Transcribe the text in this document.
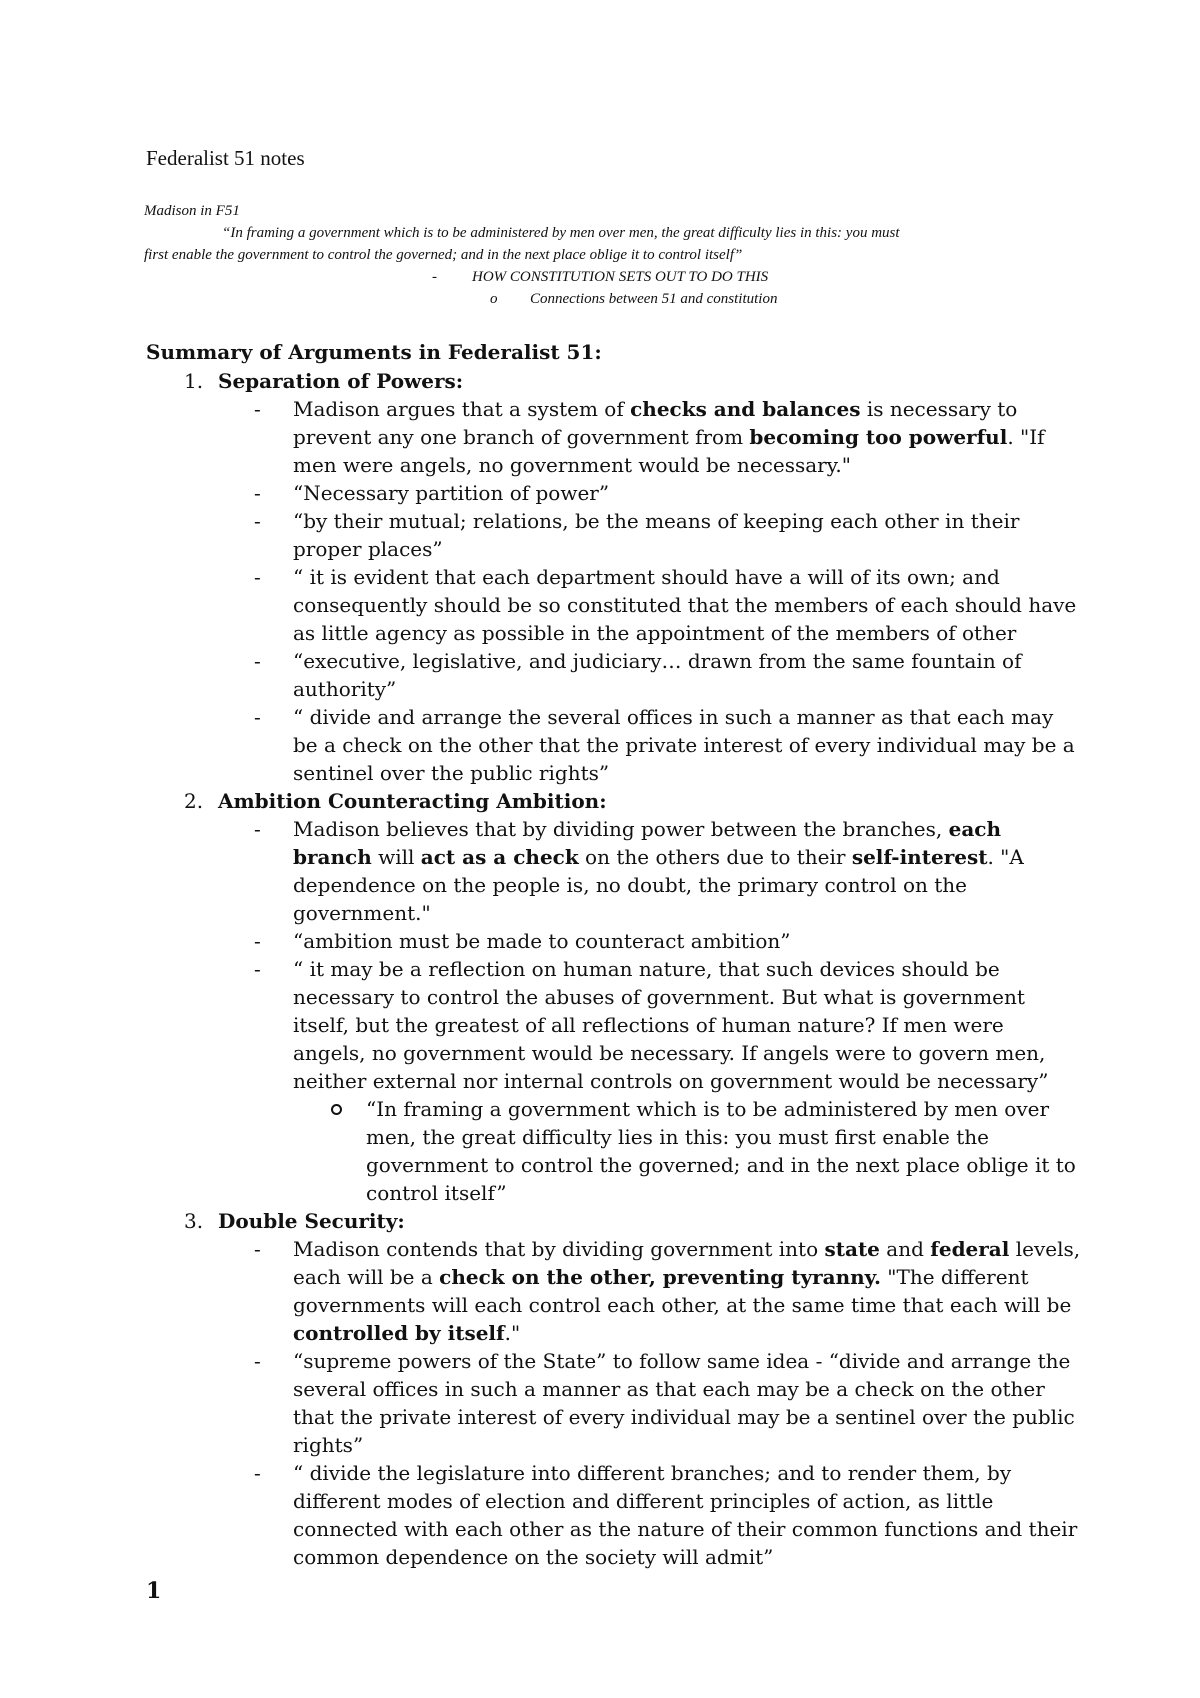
Federalist 51 notes

Madison in F51

“In framing a government which is to be administered by men over men, the great difficulty lies in this: you must

first enable the government to control the governed; and in the next place oblige it to control itself”

- HOW CONSTITUTION SETS OUT TO DO THIS

o Connections between 51 and constitution

Summary of Arguments in Federalist 51:
1. Separation of Powers:
- Madison argues that a system of checks and balances is necessary to prevent any one branch of government from becoming too powerful. "If men were angels, no government would be necessary."
- “Necessary partition of power”
- “by their mutual; relations, be the means of keeping each other in their proper places”
- “ it is evident that each department should have a will of its own; and consequently should be so constituted that the members of each should have as little agency as possible in the appointment of the members of other
- “executive, legislative, and judiciary… drawn from the same fountain of authority”
- “ divide and arrange the several offices in such a manner as that each may be a check on the other that the private interest of every individual may be a sentinel over the public rights”
2. Ambition Counteracting Ambition:
- Madison believes that by dividing power between the branches, each branch will act as a check on the others due to their self-interest. "A dependence on the people is, no doubt, the primary control on the government."
- “ambition must be made to counteract ambition”
- “ it may be a reflection on human nature, that such devices should be necessary to control the abuses of government. But what is government itself, but the greatest of all reflections of human nature? If men were angels, no government would be necessary. If angels were to govern men, neither external nor internal controls on government would be necessary”
“In framing a government which is to be administered by men over men, the great difficulty lies in this: you must first enable the government to control the governed; and in the next place oblige it to control itself”
3. Double Security:
- Madison contends that by dividing government into state and federal levels, each will be a check on the other, preventing tyranny. "The different governments will each control each other, at the same time that each will be controlled by itself."
- “supreme powers of the State” to follow same idea - “divide and arrange the several offices in such a manner as that each may be a check on the other that the private interest of every individual may be a sentinel over the public rights”
- “ divide the legislature into different branches; and to render them, by different modes of election and different principles of action, as little connected with each other as the nature of their common functions and their common dependence on the society will admit”
1
